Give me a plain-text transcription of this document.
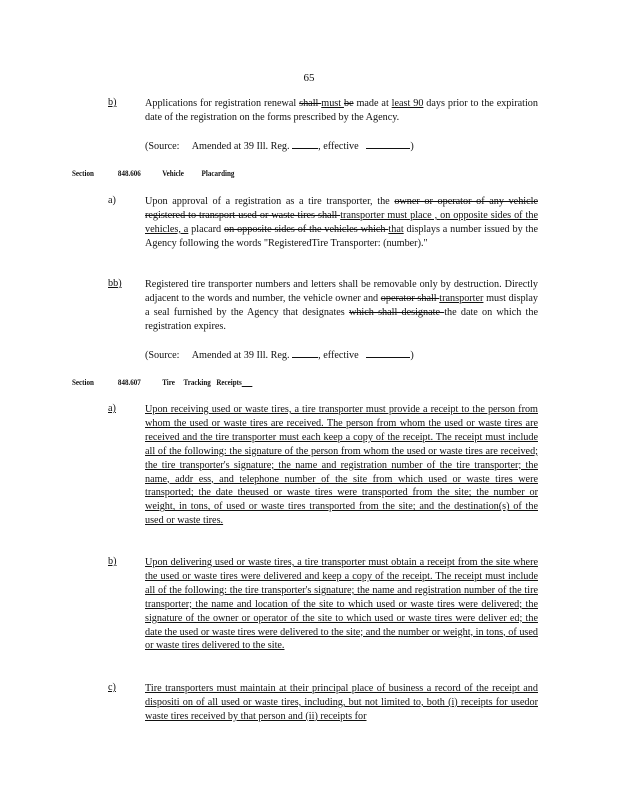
65
b)	Applications for registration renewal shall must be made at least 90 days prior to the expiration date of the registration on the forms prescribed by the Agency.
(Source: Amended at 39 Ill. Reg.	, effective	)
Section	848.606 Vehicle Placarding
a)	Upon approval of a registration as a tire transporter, the owner or operator of any vehicle registered to transport used or waste tires shall transporter must place , on opposite sides of the vehicles, a placard on opposite sides of the vehicles which that displays a number issued by the Agency following the words "RegisteredTire Transporter: (number)."
bb)	Registered tire transporter numbers and letters shall be removable only by destruction. Directly adjacent to the words and number, the vehicle owner and operator shall transporter must display a seal furnished by the Agency that designates which shall designate the date on which the registration expires.
(Source: Amended at 39 Ill. Reg.	, effective	)
Section	848.607 Tire Tracking Receipts
a)	Upon receiving used or waste tires, a tire transporter must provide a receipt to the person from whom the used or waste tires are received. The person from whom the used or waste tires are received and the tire transporter must each keep a copy of the receipt. The receipt must include all of the following: the signature of the person from whom the used or waste tires are received; the tire transporter's signature; the name and registration number of the tire transporter; the name, addr ess, and telephone number of the site from which used or waste tires were transported; the date theused or waste tires were transported from the site; the number or weight, in tons, of used or waste tires transported from the site; and the destination(s) of the used or waste tires.
b)	Upon delivering used or waste tires, a tire transporter must obtain a receipt from the site where the used or waste tires were delivered and keep a copy of the receipt. The receipt must include all of the following: the tire transporter's signature; the name and registration number of the tire transporter; the name and location of the site to which used or waste tires were delivered; the signature of the owner or operator of the site to which used or waste tires were deliver ed; the date the used or waste tires were delivered to the site; and the number or weight, in tons, of used or waste tires delivered to the site.
c)	Tire transporters must maintain at their principal place of business a record of the receipt and dispositi on of all used or waste tires, including, but not limited to, both (i) receipts for usedor waste tires received by that person and (ii) receipts for
